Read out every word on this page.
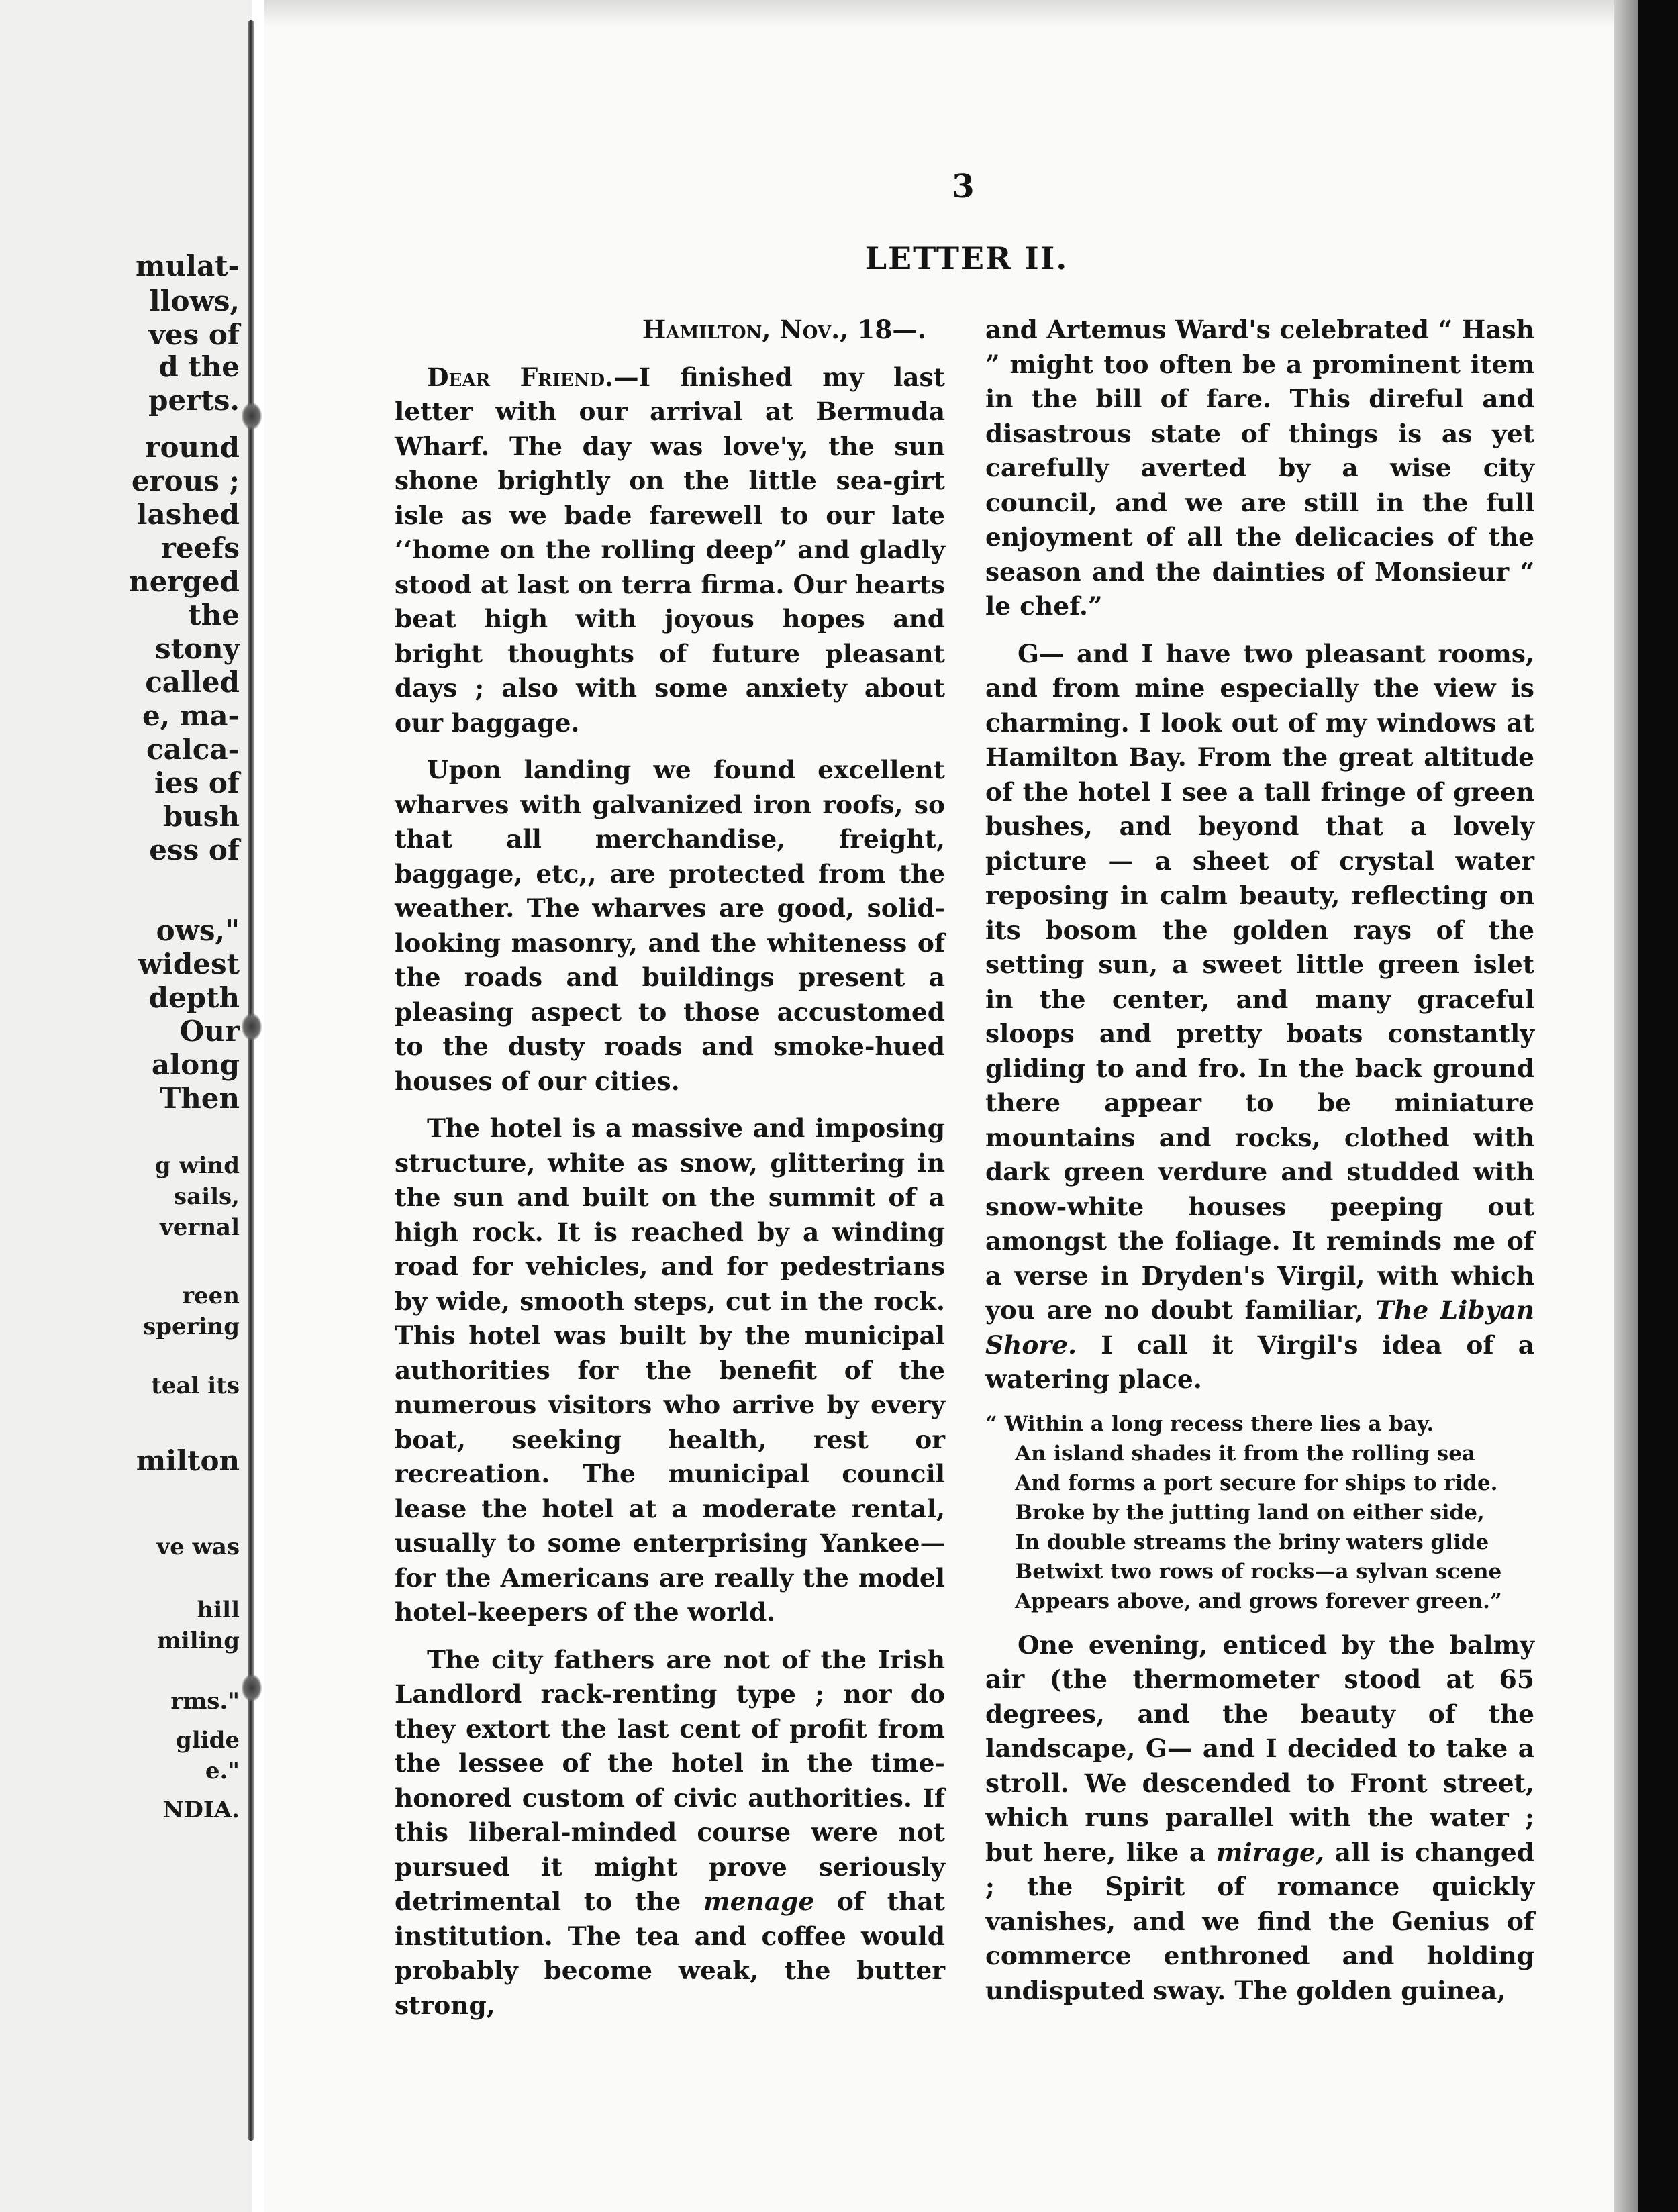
mulat-
llows,
ves of
d the
perts.
round
erous ;
lashed
reefs
nerged
the
stony
called
e, ma-
calca-
ies of
bush
ess of
ows,"
widest
depth
Our
along
Then
g wind
sails,
vernal
reen
spering
teal its
milton
ve was
hill
miling
rms."
glide
e."
NDIA.
3
LETTER II.

Hamilton, Nov., 18—.

Dear Friend.—I finished my last letter with our arrival at Bermuda Wharf. The day was love'y, the sun shone brightly on the little sea-girt isle as we bade farewell to our late ‘‘home on the rolling deep” and gladly stood at last on terra firma. Our hearts beat high with joyous hopes and bright thoughts of future pleasant days ; also with some anxiety about our baggage.

Upon landing we found excellent wharves with galvanized iron roofs, so that all merchandise, freight, baggage, etc,, are protected from the weather. The wharves are good, solid-looking masonry, and the whiteness of the roads and buildings present a pleasing aspect to those accustomed to the dusty roads and smoke-hued houses of our cities.

The hotel is a massive and imposing structure, white as snow, glittering in the sun and built on the summit of a high rock. It is reached by a winding road for vehicles, and for pedestrians by wide, smooth steps, cut in the rock. This hotel was built by the municipal authorities for the benefit of the numerous visitors who arrive by every boat, seeking health, rest or recreation. The municipal council lease the hotel at a moderate rental, usually to some enterprising Yankee—for the Americans are really the model hotel-keepers of the world.

The city fathers are not of the Irish Landlord rack-renting type ; nor do they extort the last cent of profit from the lessee of the hotel in the time-honored custom of civic authorities. If this liberal-minded course were not pursued it might prove seriously detrimental to the menage of that institution. The tea and coffee would probably become weak, the butter strong,

and Artemus Ward's celebrated “ Hash ” might too often be a prominent item in the bill of fare. This direful and disastrous state of things is as yet carefully averted by a wise city council, and we are still in the full enjoyment of all the delicacies of the season and the dainties of Monsieur “ le chef.”

G— and I have two pleasant rooms, and from mine especially the view is charming. I look out of my windows at Hamilton Bay. From the great altitude of the hotel I see a tall fringe of green bushes, and beyond that a lovely picture — a sheet of crystal water reposing in calm beauty, reflecting on its bosom the golden rays of the setting sun, a sweet little green islet in the center, and many graceful sloops and pretty boats constantly gliding to and fro. In the back ground there appear to be miniature mountains and rocks, clothed with dark green verdure and studded with snow-white houses peeping out amongst the foliage. It reminds me of a verse in Dryden's Virgil, with which you are no doubt familiar, The Libyan Shore. I call it Virgil's idea of a watering place.

“ Within a long recess there lies a bay.
An island shades it from the rolling sea
And forms a port secure for ships to ride.
Broke by the jutting land on either side,
In double streams the briny waters glide
Betwixt two rows of rocks—a sylvan scene
Appears above, and grows forever green.”

One evening, enticed by the balmy air (the thermometer stood at 65 degrees, and the beauty of the landscape, G— and I decided to take a stroll. We descended to Front street, which runs parallel with the water ; but here, like a mirage, all is changed ; the Spirit of romance quickly vanishes, and we find the Genius of commerce enthroned and holding undisputed sway. The golden guinea,
